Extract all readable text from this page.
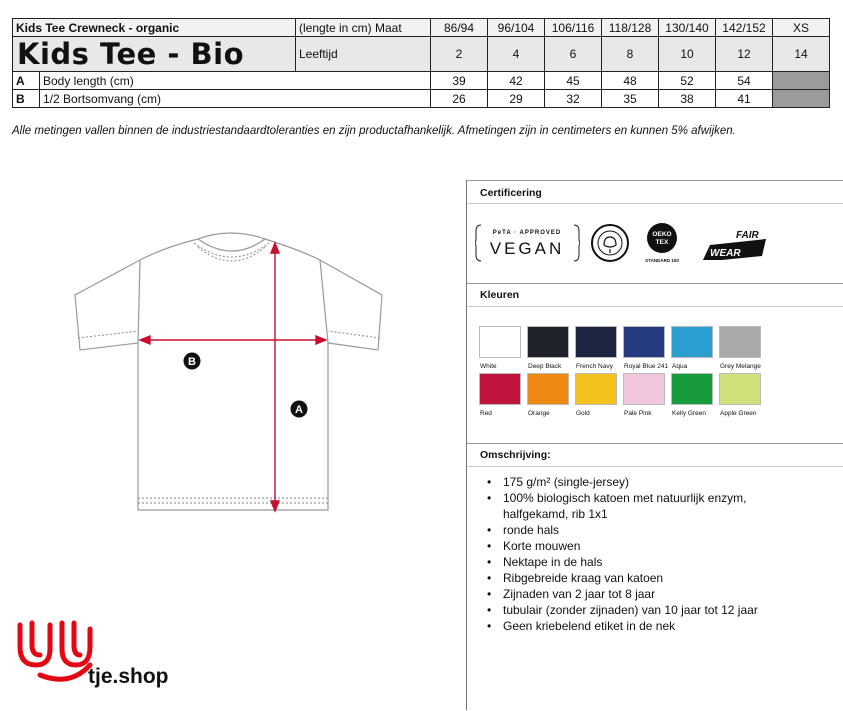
Kids Tee Crewneck - organic		(lengte in cm) Maat	86/94	96/104	106/116	118/128	130/140	142/152	XS
Kids Tee - Bio		Leeftijd	2	4	6	8	10	12	14
A	Body length (cm)		39	42	45	48	52	54	
B	1/2 Bortsomvang (cm)		26	29	32	35	38	41	
Alle metingen vallen binnen de industriestandaardtoleranties en zijn productafhankelijk. Afmetingen zijn in centimeters en kunnen 5% afwijken.
B
A
Certificering
PeTA · APPROVED
VEGAN
OEKO
TEX
STANDARD 100
FAIR
WEAR
Kleuren
White	Deep Black French Navy Royal Blue 241 Aqua	Grey Melange
Red	Orange	Gold	Pale Pink	Kelly Green Apple Green
Omschrijving:
• 175 g/m² (single-jersey)
• 100% biologisch katoen met natuurlijk enzym,
halfgekamd, rib 1x1
• ronde hals
• Korte mouwen
• Nektape in de hals
• Ribgebreide kraag van katoen
• Zijnaden van 2 jaar tot 8 jaar
• tubulair (zonder zijnaden) van 10 jaar tot 12 jaar
• Geen kriebelend etiket in de nek
tje.shop
